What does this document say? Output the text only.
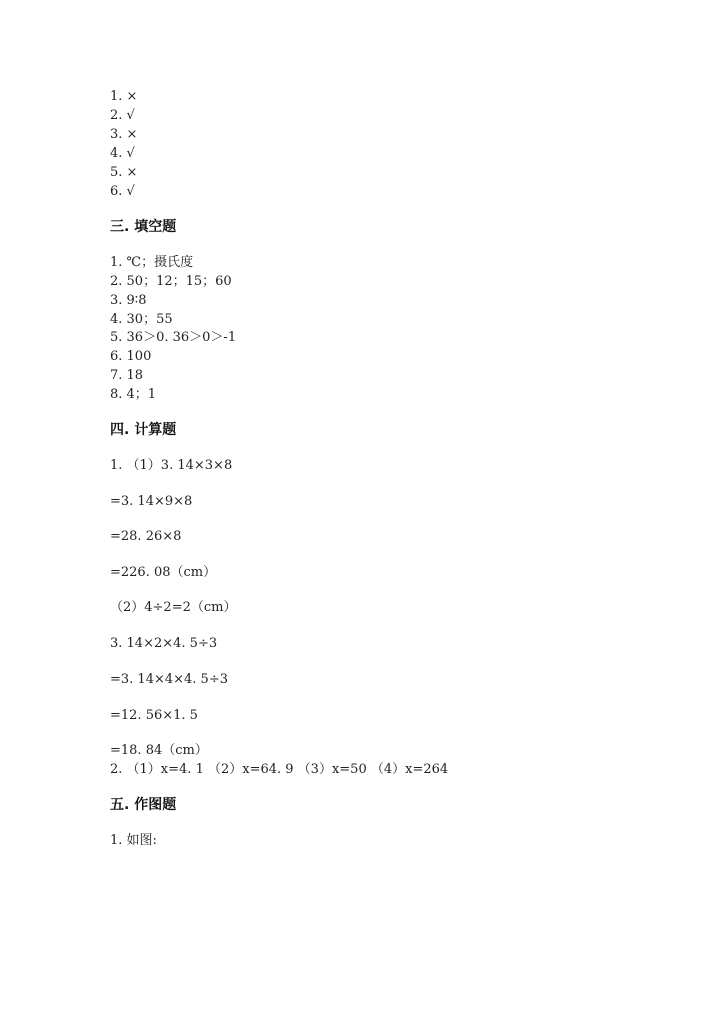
1. ×
2. √
3. ×
4. √
5. ×
6. √
三. 填空题
1. ℃；摄氏度
2. 50；12；15；60
3. 9∶8
4. 30；55
5. 36＞0. 36＞0＞-1
6. 100
7. 18
8. 4；1
四. 计算题
1. （1）3. 14×3×8
=3. 14×9×8
=28. 26×8
=226. 08（cm）
（2）4÷2=2（cm）
3. 14×2×4. 5÷3
=3. 14×4×4. 5÷3
=12. 56×1. 5
=18. 84（cm）
2. （1）x=4. 1 （2）x=64. 9 （3）x=50 （4）x=264
五. 作图题
1. 如图:
